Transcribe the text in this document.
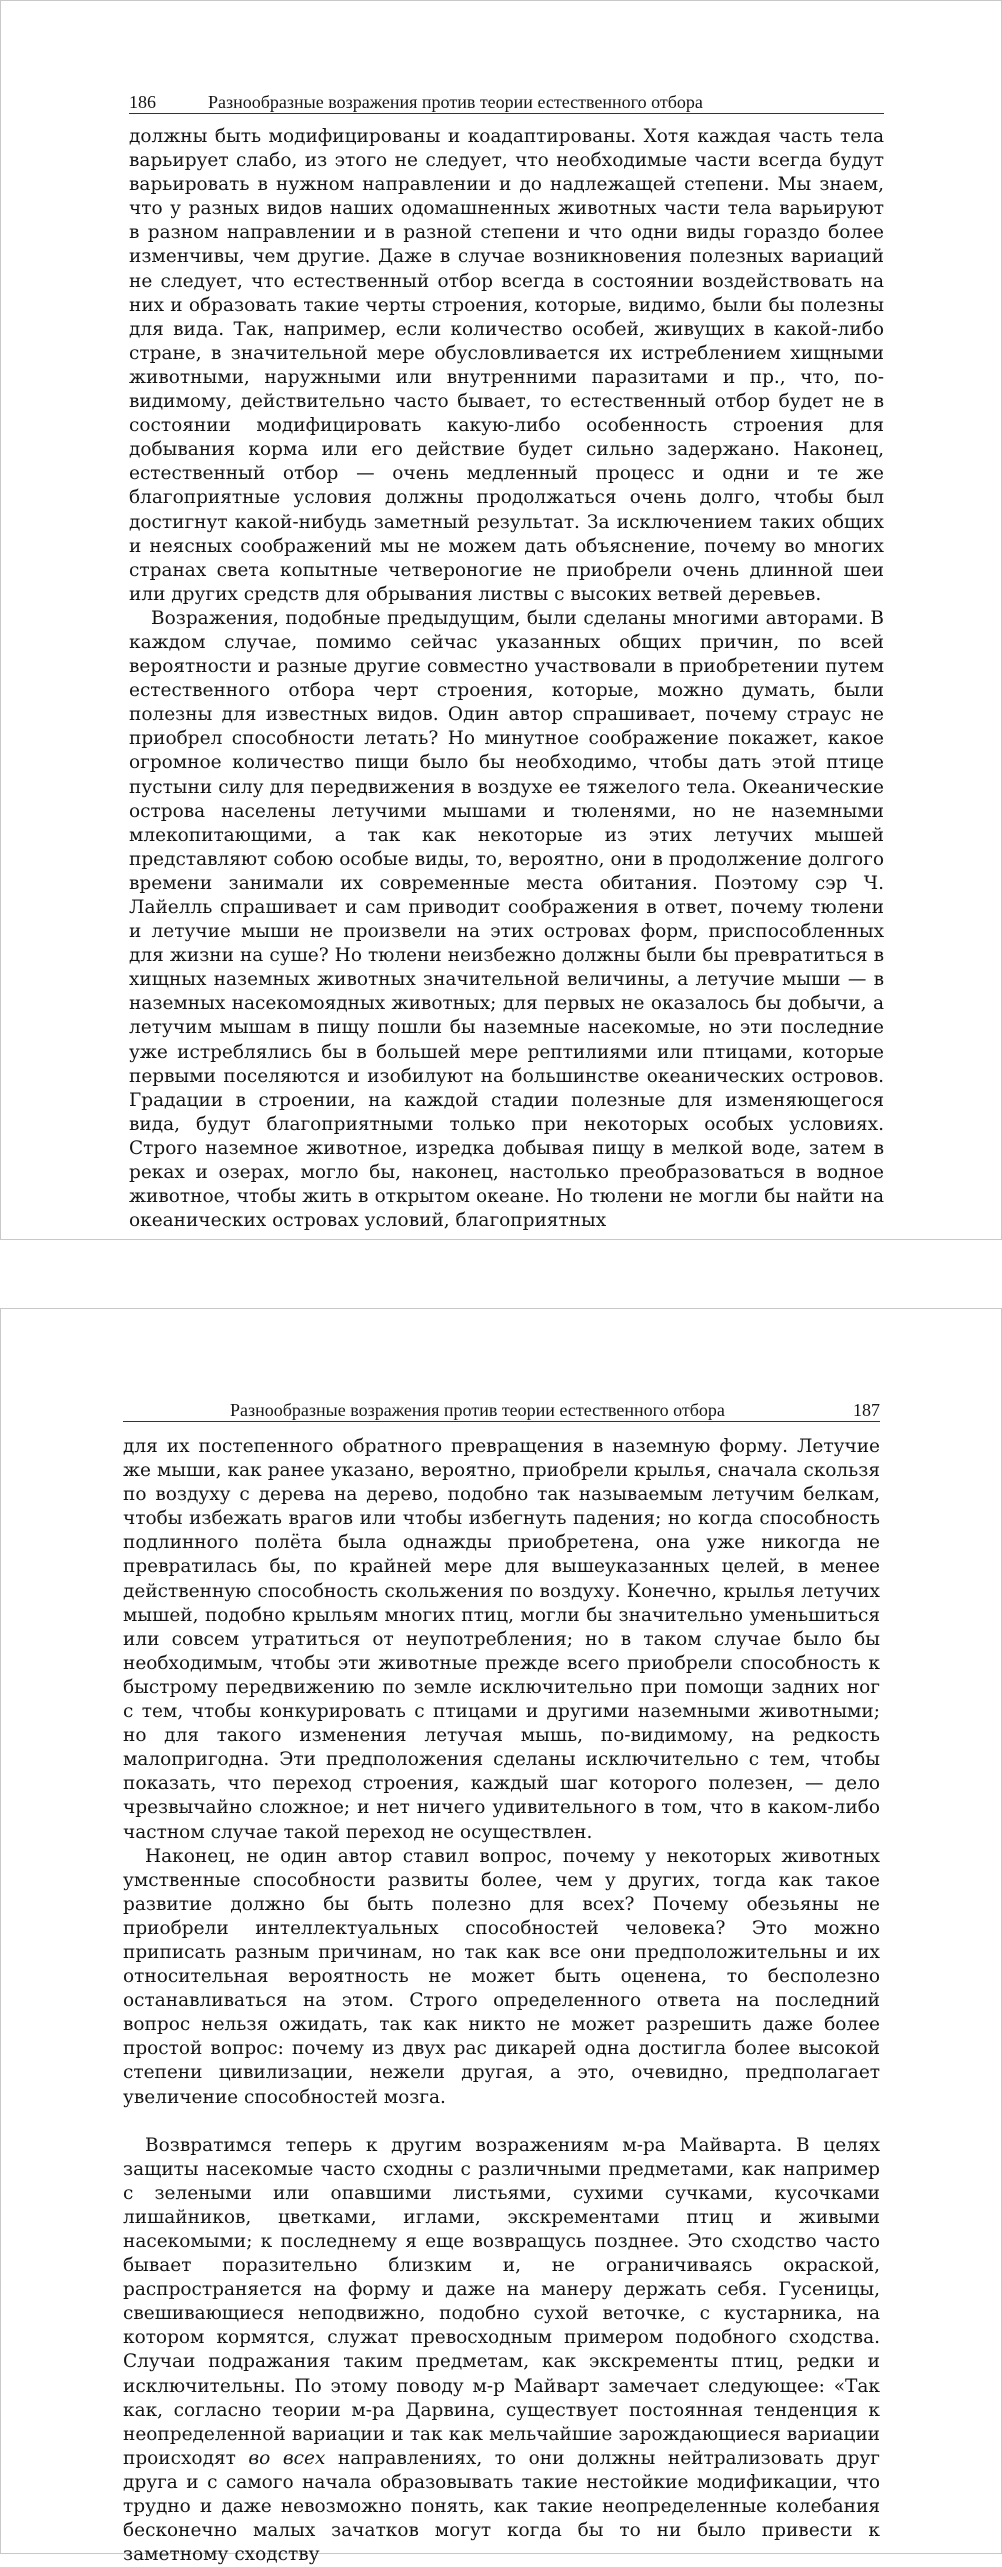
186	Разнообразные возражения против теории естественного отбора

должны быть модифицированы и коадаптированы. Хотя каждая часть тела варьирует слабо, из этого не следует, что необходимые части всегда будут варьировать в нужном направлении и до надлежащей степени. Мы знаем, что у разных видов наших одомашненных животных части тела варьируют в разном направлении и в разной степени и что одни виды гораздо более изменчивы, чем другие. Даже в случае возникновения полезных вариаций не следует, что естественный отбор всегда в состоянии воздействовать на них и образовать такие черты строения, которые, видимо, были бы полезны для вида. Так, например, если количество особей, живущих в какой-либо стране, в значительной мере обусловливается их истреблением хищными животными, наружными или внутренними паразитами и пр., что, по-видимому, действительно часто бывает, то естественный отбор будет не в состоянии модифицировать какую-либо особенность строения для добывания корма или его действие будет сильно задержано. Наконец, естественный отбор — очень медленный процесс и одни и те же благоприятные условия должны продолжаться очень долго, чтобы был достигнут какой-нибудь заметный результат. За исключением таких общих и неясных соображений мы не можем дать объяснение, почему во многих странах света копытные четвероногие не приобрели очень длинной шеи или других средств для обрывания листвы с высоких ветвей деревьев.

Возражения, подобные предыдущим, были сделаны многими авторами. В каждом случае, помимо сейчас указанных общих причин, по всей вероятности и разные другие совместно участвовали в приобретении путем естественного отбора черт строения, которые, можно думать, были полезны для известных видов. Один автор спрашивает, почему страус не приобрел способности летать? Но минутное соображение покажет, какое огромное количество пищи было бы необходимо, чтобы дать этой птице пустыни силу для передвижения в воздухе ее тяжелого тела. Океанические острова населены летучими мышами и тюленями, но не наземными млекопитающими, а так как некоторые из этих летучих мышей представляют собою особые виды, то, вероятно, они в продолжение долгого времени занимали их современные места обитания. Поэтому сэр Ч. Лайелль спрашивает и сам приводит соображения в ответ, почему тюлени и летучие мыши не произвели на этих островах форм, приспособленных для жизни на суше? Но тюлени неизбежно должны были бы превратиться в хищных наземных животных значительной величины, а летучие мыши — в наземных насекомоядных животных; для первых не оказалось бы добычи, а летучим мышам в пищу пошли бы наземные насекомые, но эти последние уже истреблялись бы в большей мере рептилиями или птицами, которые первыми поселяются и изобилуют на большинстве океанических островов. Градации в строении, на каждой стадии полезные для изменяющегося вида, будут благоприятными только при некоторых особых условиях. Строго наземное животное, изредка добывая пищу в мелкой воде, затем в реках и озерах, могло бы, наконец, настолько преобразоваться в водное животное, чтобы жить в открытом океане. Но тюлени не могли бы найти на океанических островах условий, благоприятных

Разнообразные возражения против теории естественного отбора	187

для их постепенного обратного превращения в наземную форму. Летучие же мыши, как ранее указано, вероятно, приобрели крылья, сначала скользя по воздуху с дерева на дерево, подобно так называемым летучим белкам, чтобы избежать врагов или чтобы избегнуть падения; но когда способность подлинного полёта была однажды приобретена, она уже никогда не превратилась бы, по крайней мере для вышеуказанных целей, в менее действенную способность скольжения по воздуху. Конечно, крылья летучих мышей, подобно крыльям многих птиц, могли бы значительно уменьшиться или совсем утратиться от неупотребления; но в таком случае было бы необходимым, чтобы эти животные прежде всего приобрели способность к быстрому передвижению по земле исключительно при помощи задних ног с тем, чтобы конкурировать с птицами и другими наземными животными; но для такого изменения летучая мышь, по-видимому, на редкость малопригодна. Эти предположения сделаны исключительно с тем, чтобы показать, что переход строения, каждый шаг которого полезен, — дело чрезвычайно сложное; и нет ничего удивительного в том, что в каком-либо частном случае такой переход не осуществлен.

Наконец, не один автор ставил вопрос, почему у некоторых животных умственные способности развиты более, чем у других, тогда как такое развитие должно бы быть полезно для всех? Почему обезьяны не приобрели интеллектуальных способностей человека? Это можно приписать разным причинам, но так как все они предположительны и их относительная вероятность не может быть оценена, то бесполезно останавливаться на этом. Строго определенного ответа на последний вопрос нельзя ожидать, так как никто не может разрешить даже более простой вопрос: почему из двух рас дикарей одна достигла более высокой степени цивилизации, нежели другая, а это, очевидно, предполагает увеличение способностей мозга.

Возвратимся теперь к другим возражениям м-ра Майварта. В целях защиты насекомые часто сходны с различными предметами, как например с зелеными или опавшими листьями, сухими сучками, кусочками лишайников, цветками, иглами, экскрементами птиц и живыми насекомыми; к последнему я еще возвращусь позднее. Это сходство часто бывает поразительно близким и, не ограничиваясь окраской, распространяется на форму и даже на манеру держать себя. Гусеницы, свешивающиеся неподвижно, подобно сухой веточке, с кустарника, на котором кормятся, служат превосходным примером подобного сходства. Случаи подражания таким предметам, как экскременты птиц, редки и исключительны. По этому поводу м-р Майварт замечает следующее: «Так как, согласно теории м-ра Дарвина, существует постоянная тенденция к неопределенной вариации и так как мельчайшие зарождающиеся вариации происходят во всех направлениях, то они должны нейтрализовать друг друга и с самого начала образовывать такие нестойкие модификации, что трудно и даже невозможно понять, как такие неопределенные колебания бесконечно малых зачатков могут когда бы то ни было привести к заметному сходству
